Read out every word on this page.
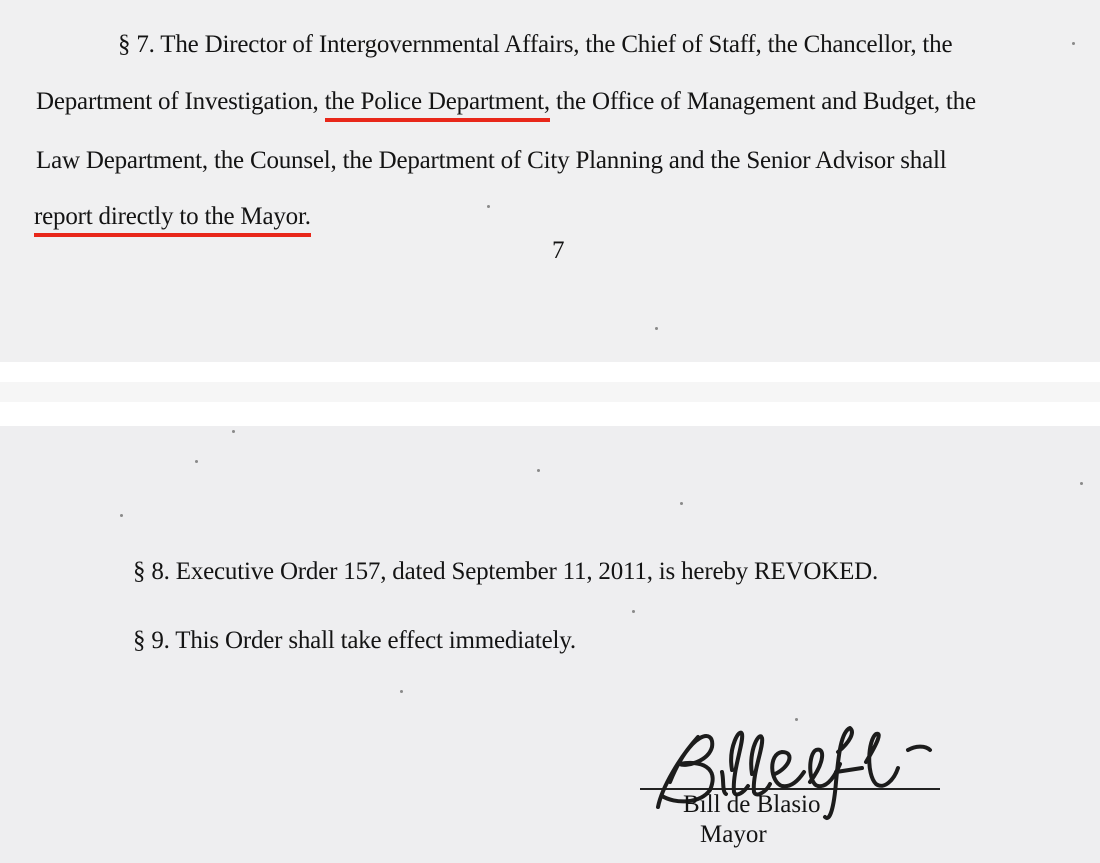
§ 7. The Director of Intergovernmental Affairs, the Chief of Staff, the Chancellor, the
Department of Investigation, the Police Department, the Office of Management and Budget, the
Law Department, the Counsel, the Department of City Planning and the Senior Advisor shall
report directly to the Mayor.
7
§ 8. Executive Order 157, dated September 11, 2011, is hereby REVOKED.
§ 9. This Order shall take effect immediately.
Bill de Blasio
Mayor
